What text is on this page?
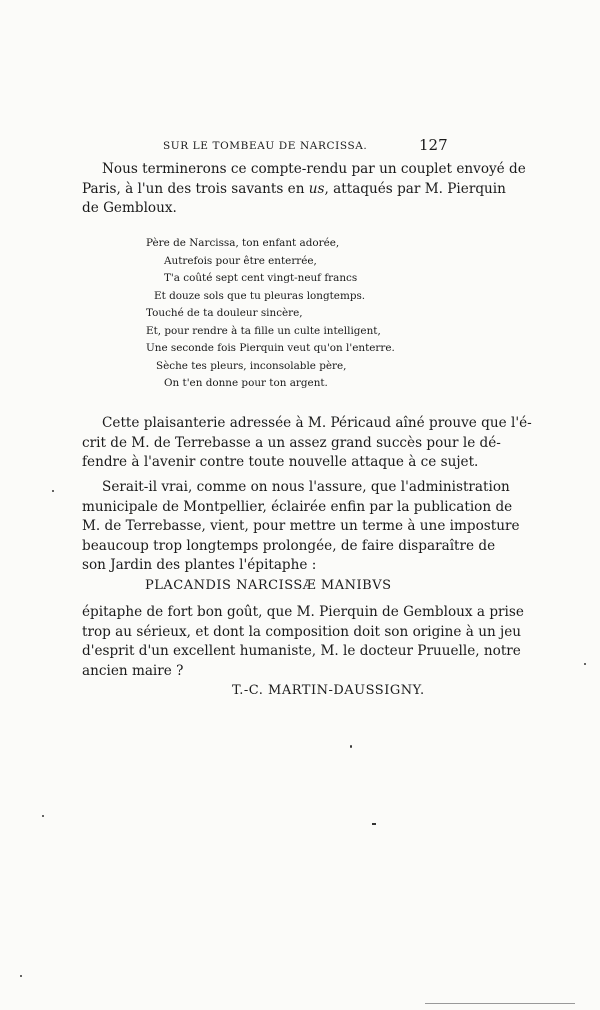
SUR LE TOMBEAU DE NARCISSA.	127
Nous terminerons ce compte-rendu par un couplet envoyé de
Paris, à l'un des trois savants en us, attaqués par M. Pierquin
de Gembloux.
Père de Narcissa, ton enfant adorée,
Autrefois pour être enterrée,
T'a coûté sept cent vingt-neuf francs
Et douze sols que tu pleuras longtemps.
Touché de ta douleur sincère,
Et, pour rendre à ta fille un culte intelligent,
Une seconde fois Pierquin veut qu'on l'enterre.
Sèche tes pleurs, inconsolable père,
On t'en donne pour ton argent.
Cette plaisanterie adressée à M. Péricaud aîné prouve que l'é-
crit de M. de Terrebasse a un assez grand succès pour le dé-
fendre à l'avenir contre toute nouvelle attaque à ce sujet.
Serait-il vrai, comme on nous l'assure, que l'administration
municipale de Montpellier, éclairée enfin par la publication de
M. de Terrebasse, vient, pour mettre un terme à une imposture
beaucoup trop longtemps prolongée, de faire disparaître de
son Jardin des plantes l'épitaphe :
PLACANDIS NARCISSÆ MANIBVS
épitaphe de fort bon goût, que M. Pierquin de Gembloux a prise
trop au sérieux, et dont la composition doit son origine à un jeu
d'esprit d'un excellent humaniste, M. le docteur Pruuelle, notre
ancien maire ?
T.-C. MARTIN-DAUSSIGNY.
